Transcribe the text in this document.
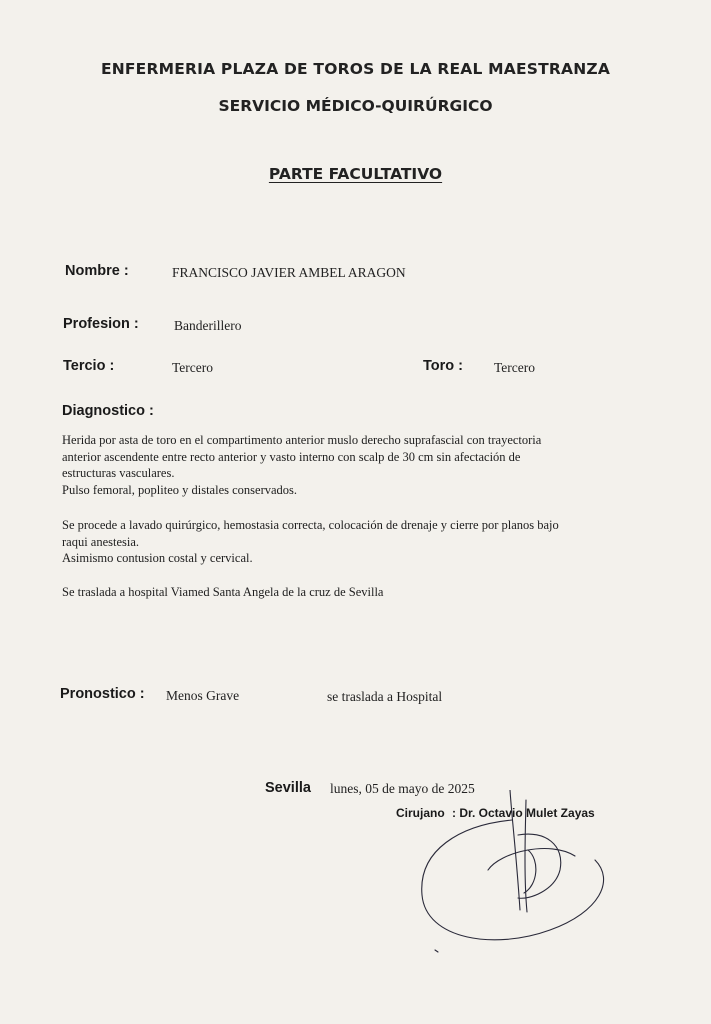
ENFERMERIA PLAZA DE TOROS DE LA REAL MAESTRANZA
SERVICIO MÉDICO-QUIRÚRGICO
PARTE FACULTATIVO
Nombre :	FRANCISCO JAVIER AMBEL ARAGON
Profesion :	Banderillero
Tercio :	Tercero	Toro : Tercero
Diagnostico :

Herida por asta de toro en el compartimento anterior muslo derecho suprafascial con trayectoria

anterior ascendente entre recto anterior y vasto interno con scalp de 30 cm sin afectación de

estructuras vasculares.

Pulso femoral, popliteo y distales conservados.

Se procede a lavado quirúrgico, hemostasia correcta, colocación de drenaje y cierre por planos bajo

raqui anestesia.

Asimismo contusion costal y cervical.

Se traslada a hospital Viamed Santa Angela de la cruz de Sevilla

Pronostico : Menos Grave	se traslada a Hospital
Sevilla lunes, 05 de mayo de 2025
Cirujano : Dr. Octavio Mulet Zayas
